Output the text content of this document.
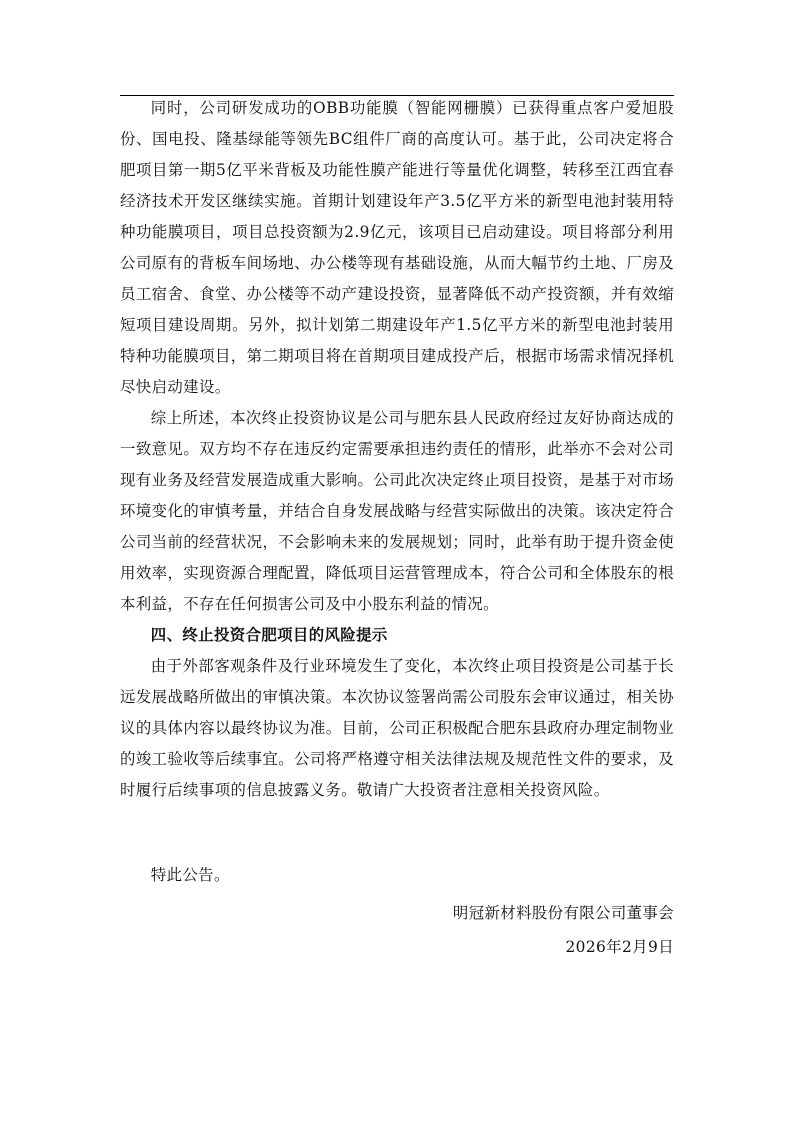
同时，公司研发成功的OBB功能膜（智能网栅膜）已获得重点客户爱旭股份、国电投、隆基绿能等领先BC组件厂商的高度认可。基于此，公司决定将合肥项目第一期5亿平米背板及功能性膜产能进行等量优化调整，转移至江西宜春经济技术开发区继续实施。首期计划建设年产3.5亿平方米的新型电池封装用特种功能膜项目，项目总投资额为2.9亿元，该项目已启动建设。项目将部分利用公司原有的背板车间场地、办公楼等现有基础设施，从而大幅节约土地、厂房及员工宿舍、食堂、办公楼等不动产建设投资，显著降低不动产投资额，并有效缩短项目建设周期。另外，拟计划第二期建设年产1.5亿平方米的新型电池封装用特种功能膜项目，第二期项目将在首期项目建成投产后，根据市场需求情况择机尽快启动建设。

综上所述，本次终止投资协议是公司与肥东县人民政府经过友好协商达成的一致意见。双方均不存在违反约定需要承担违约责任的情形，此举亦不会对公司现有业务及经营发展造成重大影响。公司此次决定终止项目投资，是基于对市场环境变化的审慎考量，并结合自身发展战略与经营实际做出的决策。该决定符合公司当前的经营状况，不会影响未来的发展规划；同时，此举有助于提升资金使用效率，实现资源合理配置，降低项目运营管理成本，符合公司和全体股东的根本利益，不存在任何损害公司及中小股东利益的情况。

四、终止投资合肥项目的风险提示

由于外部客观条件及行业环境发生了变化，本次终止项目投资是公司基于长远发展战略所做出的审慎决策。本次协议签署尚需公司股东会审议通过，相关协议的具体内容以最终协议为准。目前，公司正积极配合肥东县政府办理定制物业的竣工验收等后续事宜。公司将严格遵守相关法律法规及规范性文件的要求，及时履行后续事项的信息披露义务。敬请广大投资者注意相关投资风险。

特此公告。

明冠新材料股份有限公司董事会
2026年2月9日
